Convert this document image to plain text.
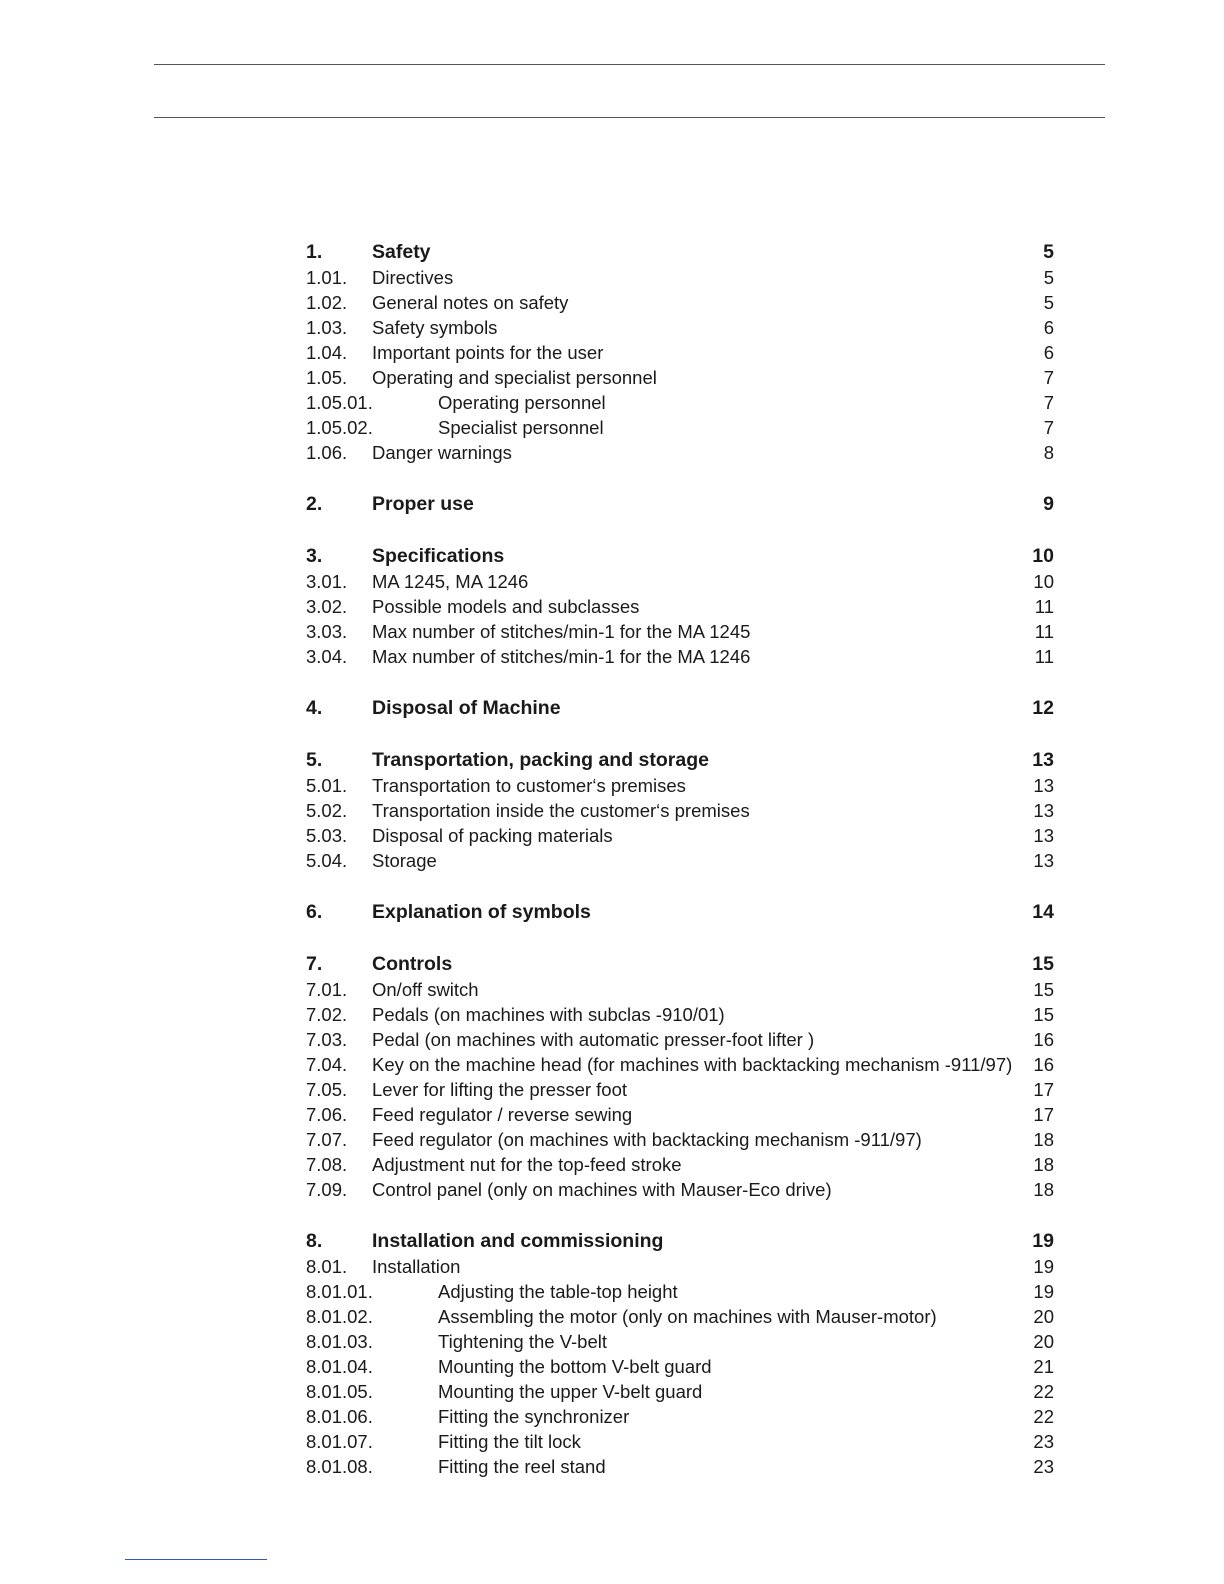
1.	Safety	5
1.01. Directives	5
1.02. General notes on safety	5
1.03. Safety symbols	6
1.04. Important points for the user	6
1.05. Operating and specialist personnel	7
1.05.01.	Operating personnel	7
1.05.02.	Specialist personnel	7
1.06. Danger warnings	8
2.	Proper use	9
3.	Specifications	10
3.01. MA 1245, MA 1246	10
3.02. Possible models and subclasses	11
3.03. Max number of stitches/min-1 for the MA 1245	11
3.04. Max number of stitches/min-1 for the MA 1246	11
4.	Disposal of Machine	12
5.	Transportation, packing and storage	13
5.01. Transportation to customer‘s premises	13
5.02. Transportation inside the customer‘s premises	13
5.03. Disposal of packing materials	13
5.04. Storage	13
6.	Explanation of symbols	14
7.	Controls	15
7.01. On/off switch	15
7.02. Pedals (on machines with subclas -910/01)	15
7.03. Pedal (on machines with automatic presser-foot lifter )	16
7.04. Key on the machine head (for machines with backtacking mechanism -911/97) 16
7.05. Lever for lifting the presser foot	17
7.06. Feed regulator / reverse sewing	17
7.07. Feed regulator (on machines with backtacking mechanism -911/97)	18
7.08. Adjustment nut for the top-feed stroke	18
7.09. Control panel (only on machines with Mauser-Eco drive)	18
8.	Installation and commissioning	19
8.01. Installation	19
8.01.01.	Adjusting the table-top height	19
8.01.02.	Assembling the motor (only on machines with Mauser-motor)	20
8.01.03.	Tightening the V-belt	20
8.01.04.	Mounting the bottom V-belt guard	21
8.01.05.	Mounting the upper V-belt guard	22
8.01.06.	Fitting the synchronizer	22
8.01.07.	Fitting the tilt lock	23
8.01.08.	Fitting the reel stand	23
